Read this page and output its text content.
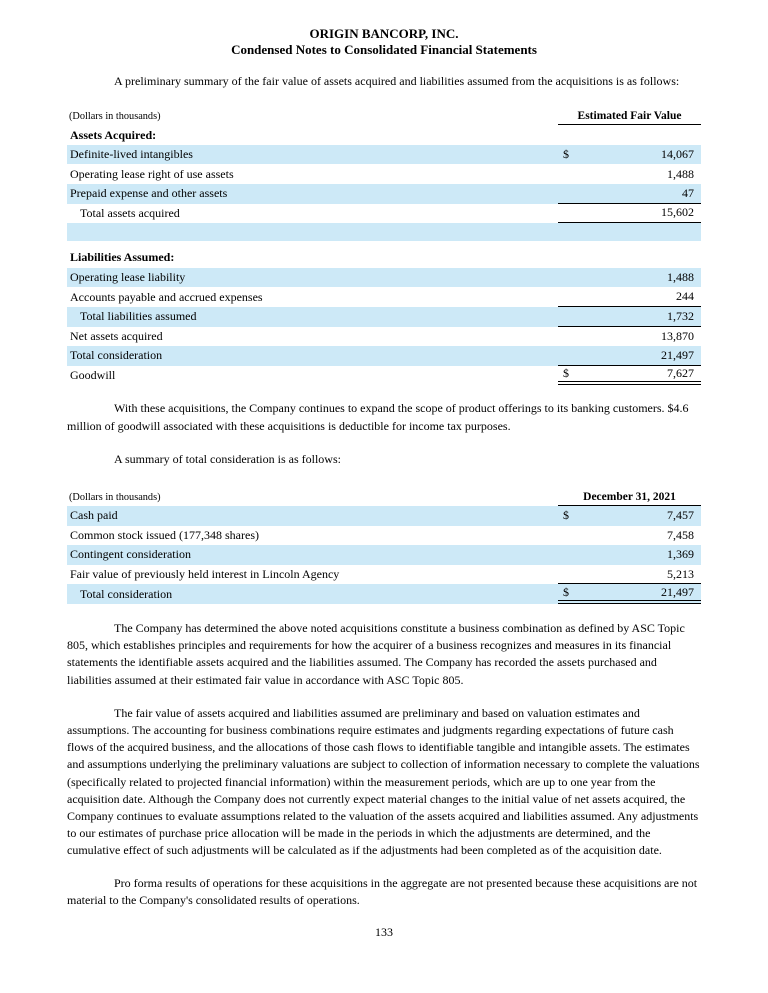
ORIGIN BANCORP, INC.
Condensed Notes to Consolidated Financial Statements

A preliminary summary of the fair value of assets acquired and liabilities assumed from the acquisitions is as follows:

(Dollars in thousands)	Estimated Fair Value
Assets Acquired:
Definite-lived intangibles	$	14,067
Operating lease right of use assets	1,488
Prepaid expense and other assets	47
Total assets acquired	15,602
Liabilities Assumed:
Operating lease liability	1,488
Accounts payable and accrued expenses	244
Total liabilities assumed	1,732
Net assets acquired	13,870
Total consideration	21,497
Goodwill	$	7,627

With these acquisitions, the Company continues to expand the scope of product offerings to its banking customers. $4.6 million of goodwill associated with these acquisitions is deductible for income tax purposes.

A summary of total consideration is as follows:

(Dollars in thousands)	December 31, 2021
Cash paid	$	7,457
Common stock issued (177,348 shares)	7,458
Contingent consideration	1,369
Fair value of previously held interest in Lincoln Agency	5,213
Total consideration	$	21,497

The Company has determined the above noted acquisitions constitute a business combination as defined by ASC Topic 805, which establishes principles and requirements for how the acquirer of a business recognizes and measures in its financial statements the identifiable assets acquired and the liabilities assumed. The Company has recorded the assets purchased and liabilities assumed at their estimated fair value in accordance with ASC Topic 805.

The fair value of assets acquired and liabilities assumed are preliminary and based on valuation estimates and assumptions. The accounting for business combinations require estimates and judgments regarding expectations of future cash flows of the acquired business, and the allocations of those cash flows to identifiable tangible and intangible assets. The estimates and assumptions underlying the preliminary valuations are subject to collection of information necessary to complete the valuations (specifically related to projected financial information) within the measurement periods, which are up to one year from the acquisition date. Although the Company does not currently expect material changes to the initial value of net assets acquired, the Company continues to evaluate assumptions related to the valuation of the assets acquired and liabilities assumed. Any adjustments to our estimates of purchase price allocation will be made in the periods in which the adjustments are determined, and the cumulative effect of such adjustments will be calculated as if the adjustments had been completed as of the acquisition date.

Pro forma results of operations for these acquisitions in the aggregate are not presented because these acquisitions are not material to the Company's consolidated results of operations.

133
